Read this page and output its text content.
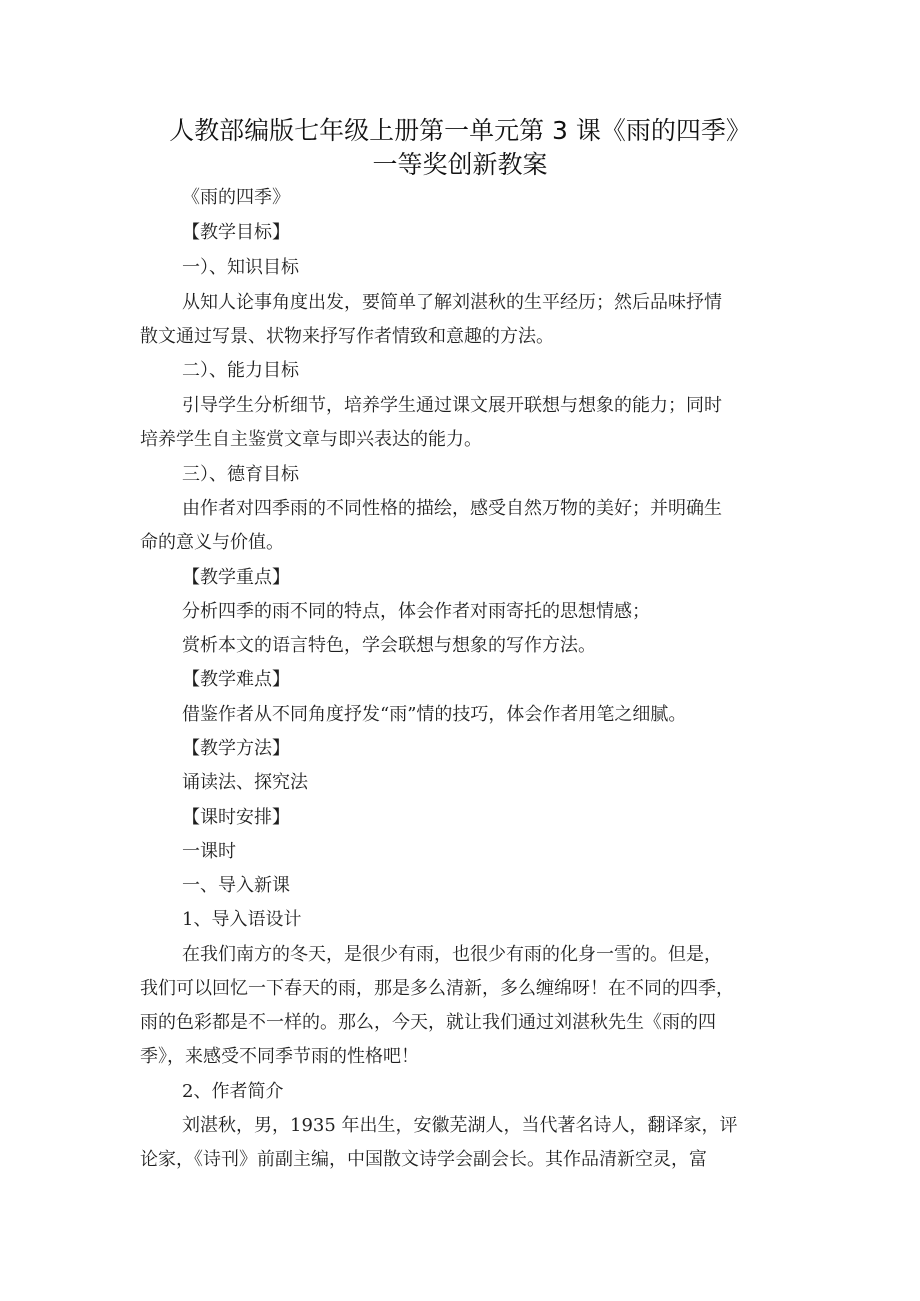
人教部编版七年级上册第一单元第 3 课《雨的四季》
一等奖创新教案
《雨的四季》
【教学目标】
一）、知识目标
从知人论事角度出发，要简单了解刘湛秋的生平经历；然后品味抒情
散文通过写景、状物来抒写作者情致和意趣的方法。
二）、能力目标
引导学生分析细节，培养学生通过课文展开联想与想象的能力；同时
培养学生自主鉴赏文章与即兴表达的能力。
三）、德育目标
由作者对四季雨的不同性格的描绘，感受自然万物的美好；并明确生
命的意义与价值。
【教学重点】
分析四季的雨不同的特点，体会作者对雨寄托的思想情感；
赏析本文的语言特色，学会联想与想象的写作方法。
【教学难点】
借鉴作者从不同角度抒发“雨”情的技巧，体会作者用笔之细腻。
【教学方法】
诵读法、探究法
【课时安排】
一课时
一、导入新课
1、导入语设计
在我们南方的冬天，是很少有雨，也很少有雨的化身一雪的。但是，
我们可以回忆一下春天的雨，那是多么清新，多么缠绵呀！在不同的四季，
雨的色彩都是不一样的。那么，今天，就让我们通过刘湛秋先生《雨的四
季》，来感受不同季节雨的性格吧！
2、作者简介
刘湛秋，男，1935 年出生，安徽芜湖人，当代著名诗人，翻译家，评
论家，《诗刊》前副主编，中国散文诗学会副会长。其作品清新空灵，富
